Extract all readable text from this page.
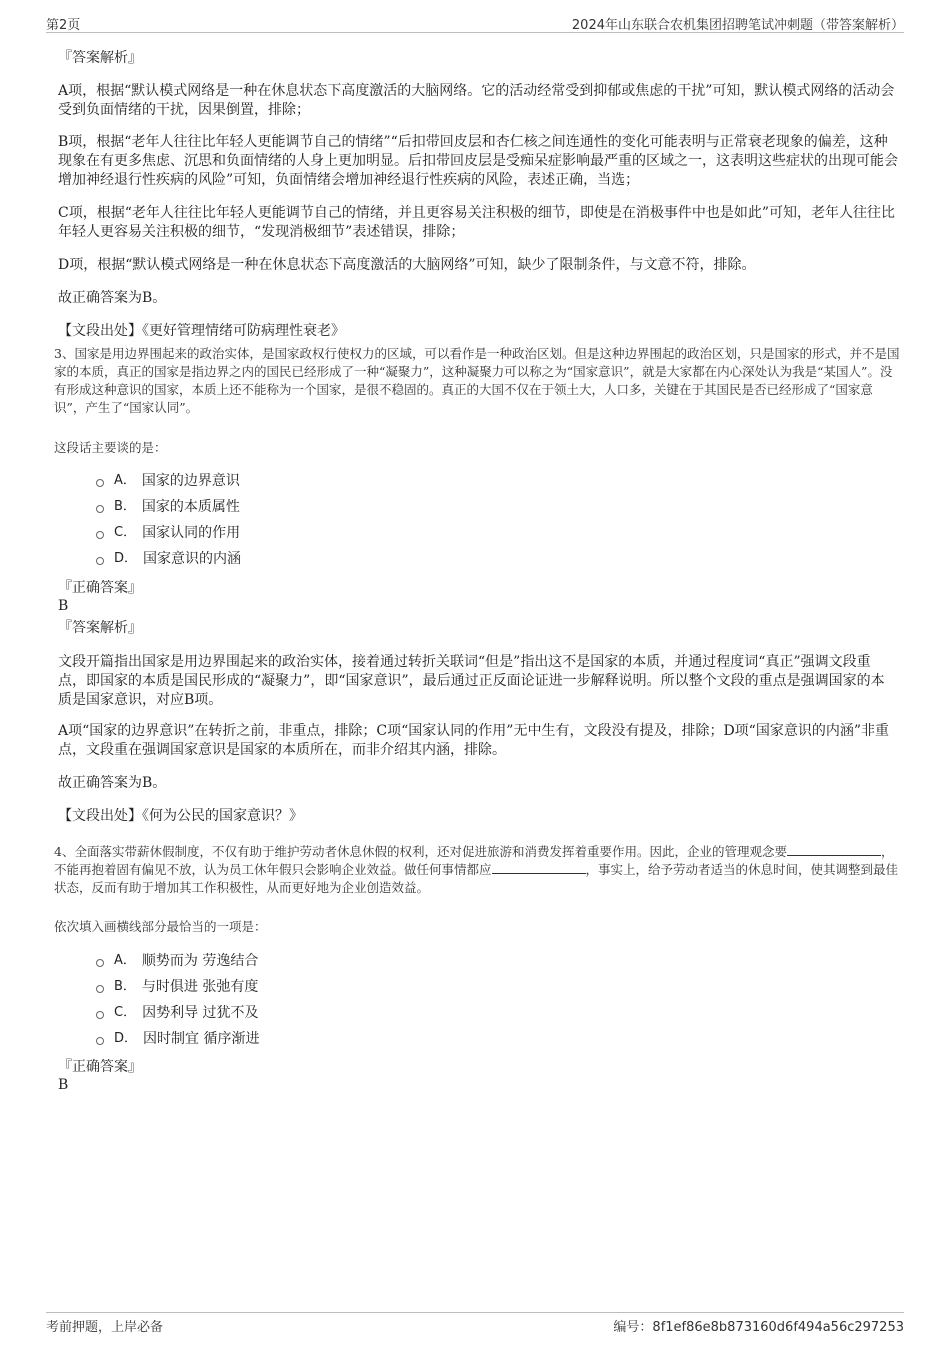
第2页	2024年山东联合农机集团招聘笔试冲刺题（带答案解析）
『答案解析』
A项，根据“默认模式网络是一种在休息状态下高度激活的大脑网络。它的活动经常受到抑郁或焦虑的干扰”可知，默认模式网络的活动会受到负面情绪的干扰，因果倒置，排除；
B项，根据“老年人往往比年轻人更能调节自己的情绪”“后扣带回皮层和杏仁核之间连通性的变化可能表明与正常衰老现象的偏差，这种现象在有更多焦虑、沉思和负面情绪的人身上更加明显。后扣带回皮层是受痴呆症影响最严重的区域之一，这表明这些症状的出现可能会增加神经退行性疾病的风险”可知，负面情绪会增加神经退行性疾病的风险，表述正确，当选；
C项，根据“老年人往往比年轻人更能调节自己的情绪，并且更容易关注积极的细节，即使是在消极事件中也是如此”可知，老年人往往比年轻人更容易关注积极的细节，“发现消极细节”表述错误，排除；
D项，根据“默认模式网络是一种在休息状态下高度激活的大脑网络”可知，缺少了限制条件，与文意不符，排除。
故正确答案为B。
【文段出处】《更好管理情绪可防病理性衰老》
3、国家是用边界围起来的政治实体，是国家政权行使权力的区域，可以看作是一种政治区划。但是这种边界围起的政治区划，只是国家的形式，并不是国家的本质，真正的国家是指边界之内的国民已经形成了一种“凝聚力”，这种凝聚力可以称之为“国家意识”，就是大家都在内心深处认为我是“某国人”。没有形成这种意识的国家，本质上还不能称为一个国家，是很不稳固的。真正的大国不仅在于领土大，人口多，关键在于其国民是否已经形成了“国家意识”，产生了“国家认同”。
这段话主要谈的是：
A． 国家的边界意识
B． 国家的本质属性
C． 国家认同的作用
D． 国家意识的内涵
『正确答案』
B
『答案解析』
文段开篇指出国家是用边界围起来的政治实体，接着通过转折关联词“但是”指出这不是国家的本质，并通过程度词“真正”强调文段重点，即国家的本质是国民形成的“凝聚力”，即“国家意识”，最后通过正反面论证进一步解释说明。所以整个文段的重点是强调国家的本质是国家意识，对应B项。
A项“国家的边界意识”在转折之前，非重点，排除；C项“国家认同的作用”无中生有，文段没有提及，排除；D项“国家意识的内涵”非重点，文段重在强调国家意识是国家的本质所在，而非介绍其内涵，排除。
故正确答案为B。
【文段出处】《何为公民的国家意识？》
4、全面落实带薪休假制度，不仅有助于维护劳动者休息休假的权利，还对促进旅游和消费发挥着重要作用。因此，企业的管理观念要	，不能再抱着固有偏见不放，认为员工休年假只会影响企业效益。做任何事情都应	，事实上，给予劳动者适当的休息时间，使其调整到最佳状态，反而有助于增加其工作积极性，从而更好地为企业创造效益。
依次填入画横线部分最恰当的一项是：
A． 顺势而为 劳逸结合
B． 与时俱进 张弛有度
C． 因势利导 过犹不及
D． 因时制宜 循序渐进
『正确答案』
B
考前押题，上岸必备	编号：8f1ef86e8b873160d6f494a56c297253
